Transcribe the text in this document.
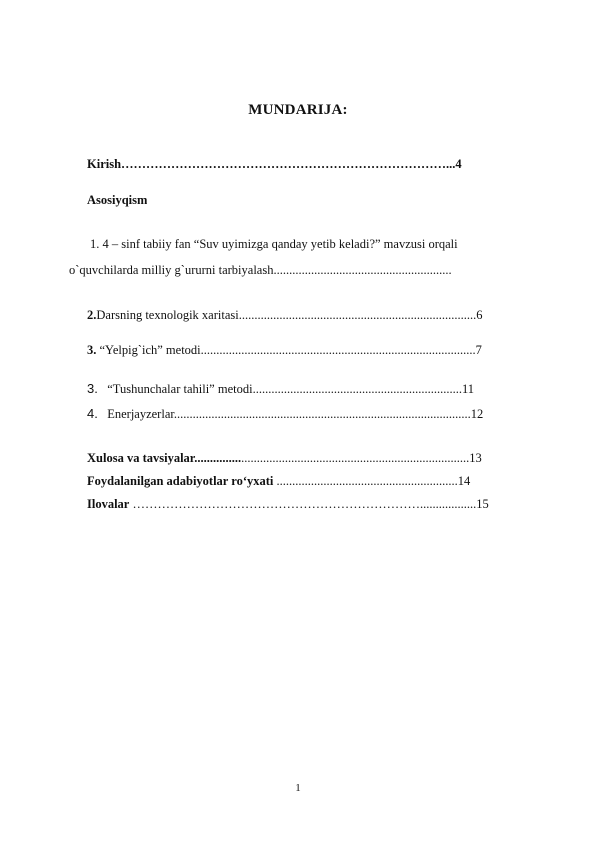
MUNDARIJA:
Kirish……………………………………………………………………...4
Asosiyqism
1. 4 – sinf tabiiy fan “Suv uyimizga qanday yetib keladi?” mavzusi orqali
o`quvchilarda milliy g`ururni tarbiyalash.........................................................
2.Darsning texnologik xaritasi............................................................................6
3. “Yelpig`ich” metodi........................................................................................7
3. “Tushunchalar tahili” metodi...................................................................11
4. Enerjayzerlar...............................................................................................12
Xulosa va tavsiyalar........................................................................................13
Foydalanilgan adabiyotlar ro‘yxati ..........................................................14
Ilovalar ……………………………………………………………..................15
1
